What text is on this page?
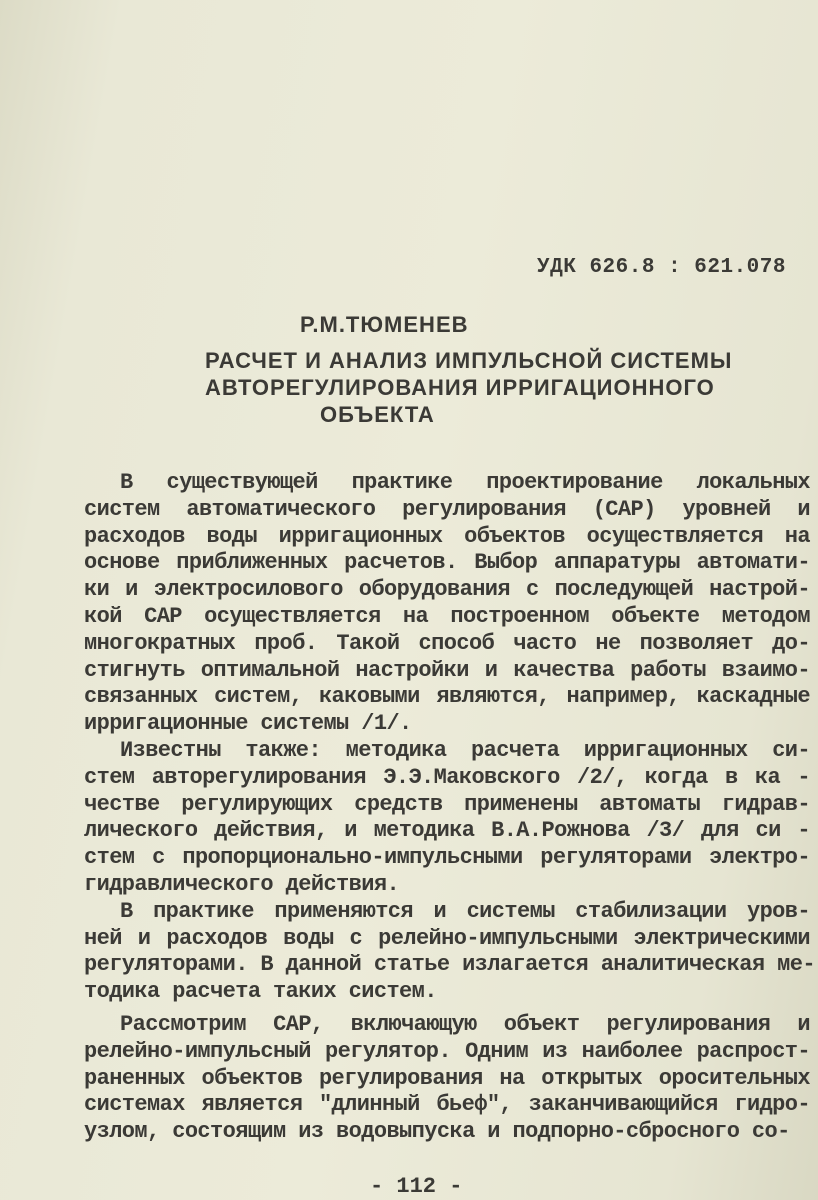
УДК 626.8 : 621.078
Р.М.ТЮМЕНЕВ
РАСЧЕТ И АНАЛИЗ ИМПУЛЬСНОЙ СИСТЕМЫ
АВТОРЕГУЛИРОВАНИЯ ИРРИГАЦИОННОГО
ОБЪЕКТА
В существующей практике проектирование локальных
систем автоматического регулирования (САР) уровней и
расходов воды ирригационных объектов осуществляется на
основе приближенных расчетов. Выбор аппаратуры автомати-
ки и электросилового оборудования с последующей настрой-
кой САР осуществляется на построенном объекте методом
многократных проб. Такой способ часто не позволяет до-
стигнуть оптимальной настройки и качества работы взаимо-
связанных систем, каковыми являются, например, каскадные
ирригационные системы /1/.
Известны также: методика расчета ирригационных си-
стем авторегулирования Э.Э.Маковского /2/, когда в ка -
честве регулирующих средств применены автоматы гидрав-
лического действия, и методика В.А.Рожнова /3/ для си -
стем с пропорционально-импульсными регуляторами электро-
гидравлического действия.
В практике применяются и системы стабилизации уров-
ней и расходов воды с релейно-импульсными электрическими
регуляторами. В данной статье излагается аналитическая ме-
тодика расчета таких систем.
Рассмотрим САР, включающую объект регулирования и
релейно-импульсный регулятор. Одним из наиболее распрост-
раненных объектов регулирования на открытых оросительных
системах является "длинный бьеф", заканчивающийся гидро-
узлом, состоящим из водовыпуска и подпорно-сбросного со-
- 112 -
